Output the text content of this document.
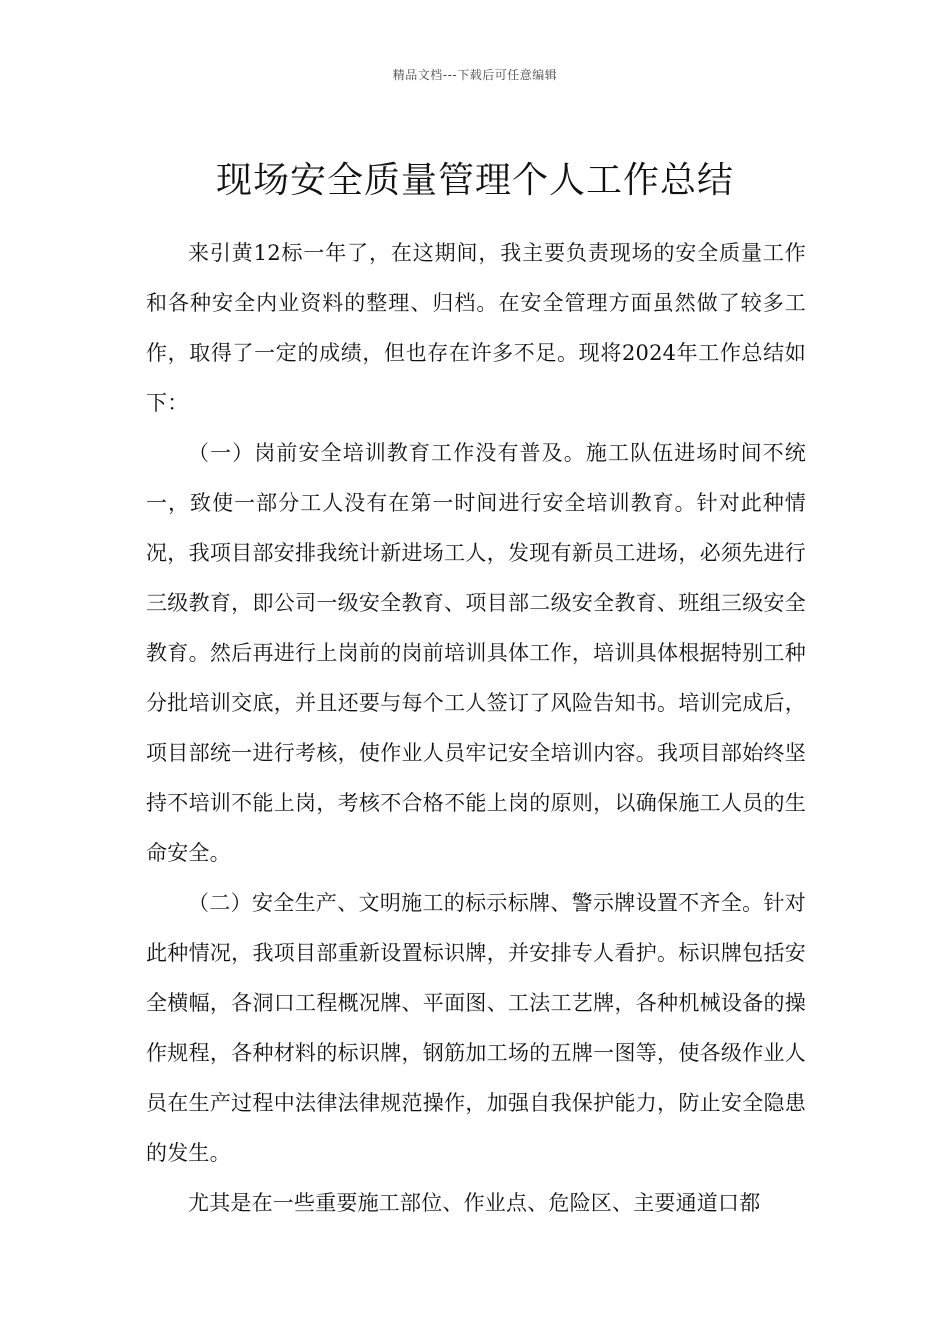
精品文档---下载后可任意编辑
现场安全质量管理个人工作总结

来引黄12标一年了，在这期间，我主要负责现场的安全质量工作和各种安全内业资料的整理、归档。在安全管理方面虽然做了较多工作，取得了一定的成绩，但也存在许多不足。现将2024年工作总结如下：

（一）岗前安全培训教育工作没有普及。施工队伍进场时间不统一，致使一部分工人没有在第一时间进行安全培训教育。针对此种情况，我项目部安排我统计新进场工人，发现有新员工进场，必须先进行三级教育，即公司一级安全教育、项目部二级安全教育、班组三级安全教育。然后再进行上岗前的岗前培训具体工作，培训具体根据特别工种分批培训交底，并且还要与每个工人签订了风险告知书。培训完成后，项目部统一进行考核，使作业人员牢记安全培训内容。我项目部始终坚持不培训不能上岗，考核不合格不能上岗的原则，以确保施工人员的生命安全。

（二）安全生产、文明施工的标示标牌、警示牌设置不齐全。针对此种情况，我项目部重新设置标识牌，并安排专人看护。标识牌包括安全横幅，各洞口工程概况牌、平面图、工法工艺牌，各种机械设备的操作规程，各种材料的标识牌，钢筋加工场的五牌一图等，使各级作业人员在生产过程中法律法律规范操作，加强自我保护能力，防止安全隐患的发生。

尤其是在一些重要施工部位、作业点、危险区、主要通道口都
